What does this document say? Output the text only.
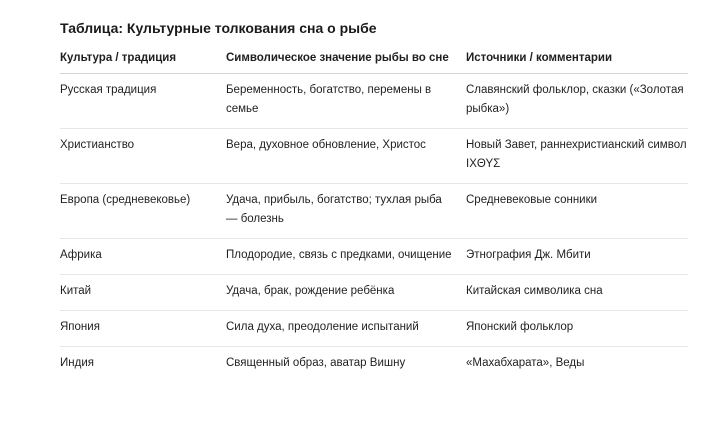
Таблица: Культурные толкования сна о рыбе
Культура / традиция	Символическое значение рыбы во сне	Источники / комментарии
Русская традиция	Беременность, богатство, перемены в семье	Славянский фольклор, сказки («Золотая рыбка»)
Христианство	Вера, духовное обновление, Христос	Новый Завет, раннехристианский символ ΙΧΘΥΣ
Европа (средневековье)	Удача, прибыль, богатство; тухлая рыба — болезнь	Средневековые сонники
Африка	Плодородие, связь с предками, очищение	Этнография Дж. Мбити
Китай	Удача, брак, рождение ребёнка	Китайская символика сна
Япония	Сила духа, преодоление испытаний	Японский фольклор
Индия	Священный образ, аватар Вишну	«Махабхарата», Веды
